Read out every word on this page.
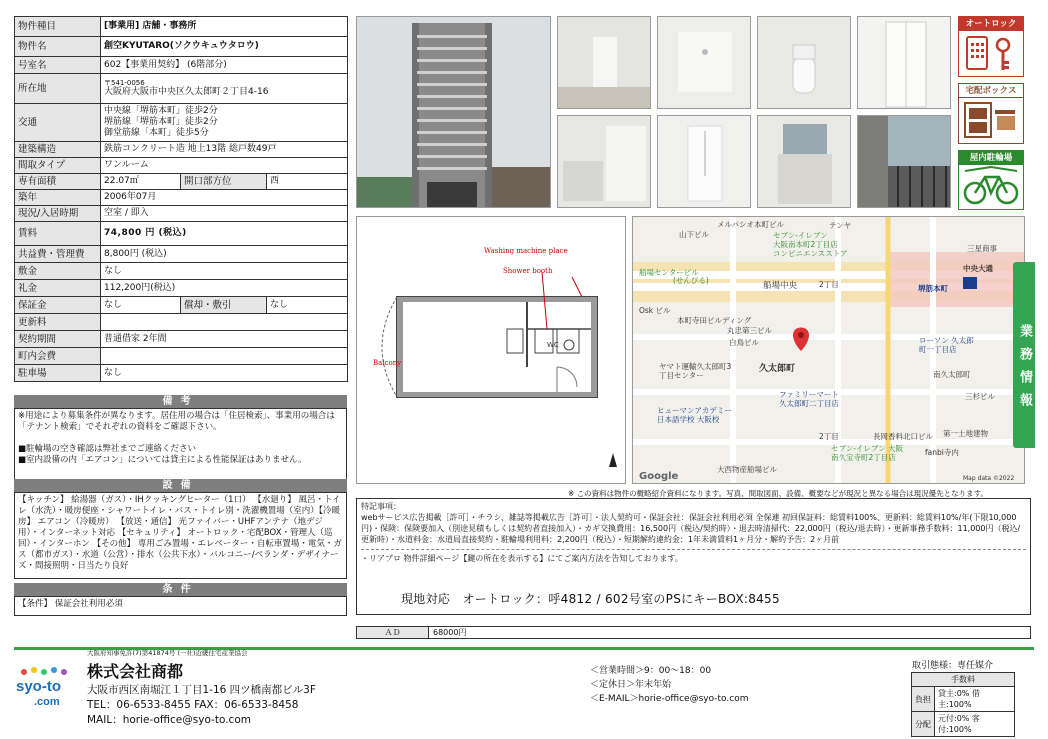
物件種目	[事業用] 店舗・事務所		
物件名	創空KYUTARO(ソクウキュウタロウ)		
号室名	602【事業用契約】 (6階部分)		
所在地	〒541-0056
大阪府大阪市中央区久太郎町２丁目4-16		

交通	中央線「堺筋本町」徒歩2分
堺筋線「堺筋本町」徒歩2分
御堂筋線「本町」徒歩5分		

建築構造	鉄筋コンクリート造 地上13階 総戸数49戸		
間取タイプ	ワンルーム		
専有面積	22.07㎡	開口部方位	西
築年	2006年07月		
現況/入居時期	空室 / 即入		
賃料	74,800 円 (税込)		
共益費・管理費	8,800円 (税込)		
敷金	なし		
礼金	112,200円(税込)		
保証金	なし	償却・敷引	なし
更新料			
契約期間	普通借家 2年間		
町内会費			
駐車場	なし		
備考
※用途により募集条件が異なります。居住用の場合は「住居検索」、事業用の場合は「テナント検索」でそれぞれの資料をご確認下さい。

■駐輪場の空き確認は弊社までご連絡ください
■室内設備の内「エアコン」については貸主による性能保証はありません。
設備
【キッチン】 給湯器（ガス）・IHクッキングヒーター（1口） 【水廻り】 風呂・トイレ（水洗）・暖房便座・シャワートイレ・バス・トイレ別・洗濯機置場（室内）【冷暖房】 エアコン（冷暖房） 【放送・通信】 光ファイバー・UHFアンテナ（地デジ用）・インターネット対応 【セキュリティ】 オートロック・宅配BOX・管理人（巡回）・インターホン 【その他】 専用ごみ置場・エレベーター・自転車置場・電気・ガス（都市ガス）・水道（公営）・排水（公共下水）・バルコニー/ベランダ・デザイナーズ・間接照明・日当たり良好
条件
【条件】 保証会社利用必須
オートロック
宅配ボックス
屋内駐輪場
Washing machine place
Shower booth
Balcony
WC
山下ビル
メルパシオ本町ビル	テンヤ
セブン-イレブン
大阪南本町2丁目店
コンビニエンスストア
三星商事
船場センタービル
(せんびる)
中央大通
船場中央	2丁目	堺筋本町
Osk ビル
本町寺田ビルディング
丸忠第三ビル
白鳥ビル
久太郎町
ローソン 久太郎
町一丁目店
ヤマト運輸久太郎町3
丁目センター	南久太郎町
ファミリーマート
久太郎町二丁目店
ヒューマンアカデミー
日本語学校 大阪校
三杉ビル
2丁目	長岡香料北口ビル 第一土地建物
セブン-イレブン 大阪
南久宝寺町2丁目店
fanbi寺内
大西物産船場ビル
Map data ©2022
Google
業務情報
※ この資料は物件の概略紹介資料になります。写真、間取図面、設備、概要などが現況と異なる場合は現況優先となります。
特記事項：
webサービス広告掲載［許可］・チラシ、雑誌等掲載広告［許可］・法人契約可・保証会社：保証会社利用必須 全保連 初回保証料：総賃料100%、更新料：総賃料10%/年(下限10,000円)・保険：保険要加入（別途見積もしくは契約者直接加入）・カギ交換費用：16,500円（税込/契約時）・退去時清掃代：22,000円（税込/退去時）・更新事務手数料：11,000円（税込/更新時）・水道料金：水道局直接契約・駐輪場利用料：2,200円（税込）・短期解約違約金：1年未満賃料1ヶ月分・解約予告：2ヶ月前
・リアプロ 物件詳細ページ【鍵の所在を表示する】にてご案内方法を告知しております。
現地対応　オートロック：呼4812 / 602号室のPSにキーBOX:8455
ＡＤ	68000円
大阪府知事免許(7)第41874号 (一社)近畿住宅産業協会
syo-to
.com
株式会社商都
大阪市西区南堀江１丁目1-16 四ツ橋南都ビル3F
TEL：06-6533-8455 FAX：06-6533-8458
MAIL：horie-office@syo-to.com
＜営業時間＞9：00～18：00
＜定休日＞年末年始
＜E-MAIL＞horie-office@syo-to.com
取引態様：専任媒介
手数料	
負担	貸主:0% 借主:100%
分配	元付:0% 客付:100%
